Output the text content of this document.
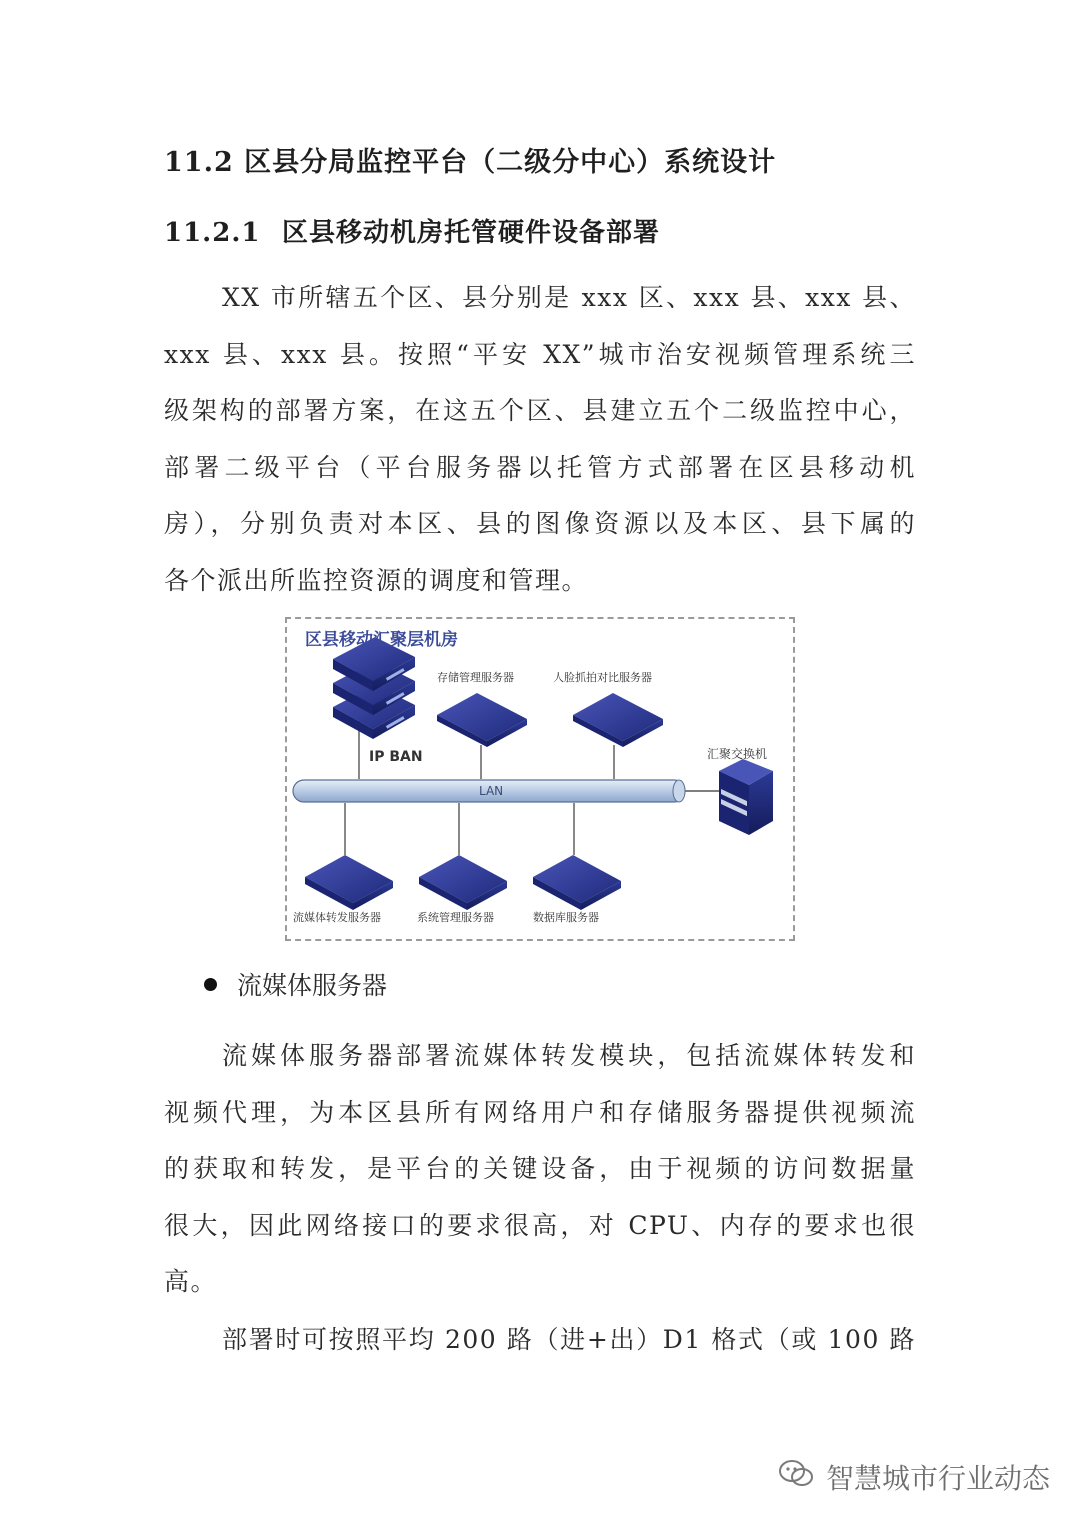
11.2 区县分局监控平台（二级分中心）系统设计
11.2.1 区县移动机房托管硬件设备部署
XX 市所辖五个区、县分别是 xxx 区、xxx 县、xxx 县、
xxx 县、xxx 县。按照“平安 XX”城市治安视频管理系统三
级架构的部署方案，在这五个区、县建立五个二级监控中心，
部署二级平台（平台服务器以托管方式部署在区县移动机
房），分别负责对本区、县的图像资源以及本区、县下属的
各个派出所监控资源的调度和管理。
区县移动汇聚层机房
IP BAN
存储管理服务器	人脸抓拍对比服务器
汇聚交换机
LAN
流媒体转发服务器	系统管理服务器	数据库服务器
流媒体服务器
流媒体服务器部署流媒体转发模块，包括流媒体转发和
视频代理，为本区县所有网络用户和存储服务器提供视频流
的获取和转发，是平台的关键设备，由于视频的访问数据量
很大，因此网络接口的要求很高，对 CPU、内存的要求也很
高。
部署时可按照平均 200 路（进+出）D1 格式（或 100 路
智慧城市行业动态
